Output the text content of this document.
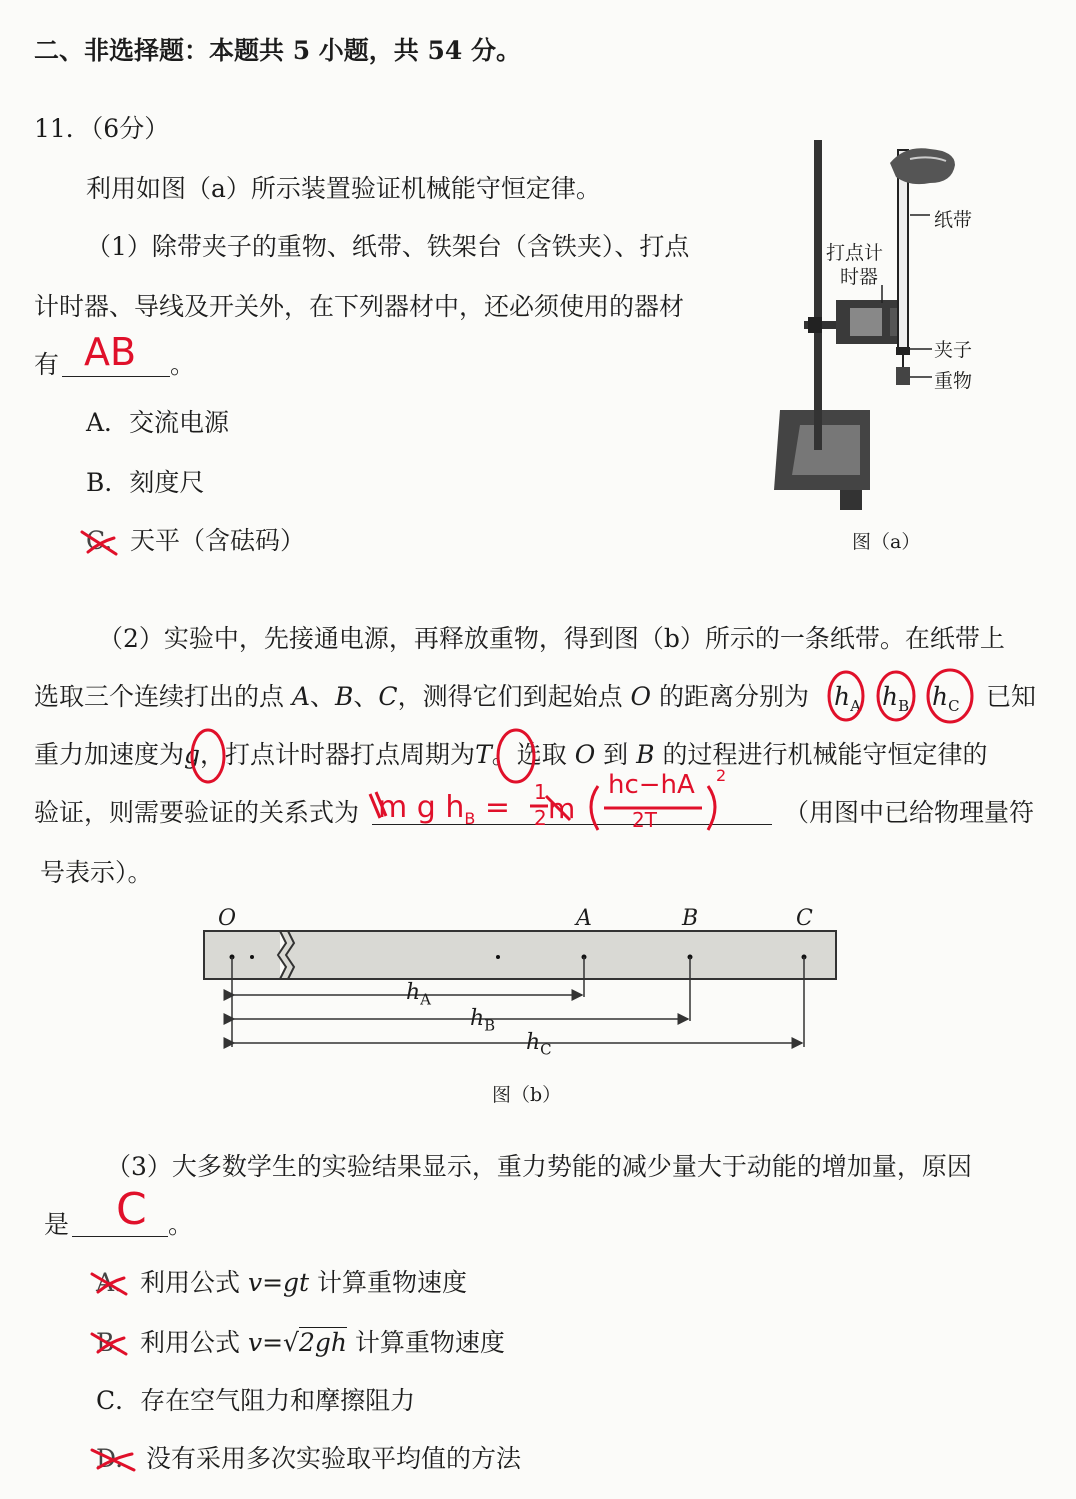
二、非选择题：本题共 5 小题，共 54 分。
11．（6分）
利用如图（a）所示装置验证机械能守恒定律。
（1）除带夹子的重物、纸带、铁架台（含铁夹）、打点
计时器、导线及开关外，在下列器材中，还必须使用的器材
有	。
AB
A．交流电源
B．刻度尺
C. 天平（含砝码）
纸带
打点计
时器
夹子
重物
图（a）
（2）实验中，先接通电源，再释放重物，得到图（b）所示的一条纸带。在纸带上
选取三个连续打出的点 A、B、C，测得它们到起始点 O 的距离分别为 $h_A$ $h_B$ $h_C$ 已知
重力加速度为g，打点计时器打点周期为T。选取 O 到 B 的过程进行机械能守恒定律的
验证，则需要验证的关系式为	（用图中已给物理量符
号表示）。
m g $h_B = 1$
2 m
hc−hA
2T
2
O	A	B	C
$h_A$
$h_B$
$h_C$
图（b）
（3）大多数学生的实验结果显示，重力势能的减少量大于动能的增加量，原因
是	。
C
A. 利用公式 v=gt 计算重物速度
B. 利用公式 v=√2gh 计算重物速度
C．存在空气阻力和摩擦阻力
D. 没有采用多次实验取平均值的方法
